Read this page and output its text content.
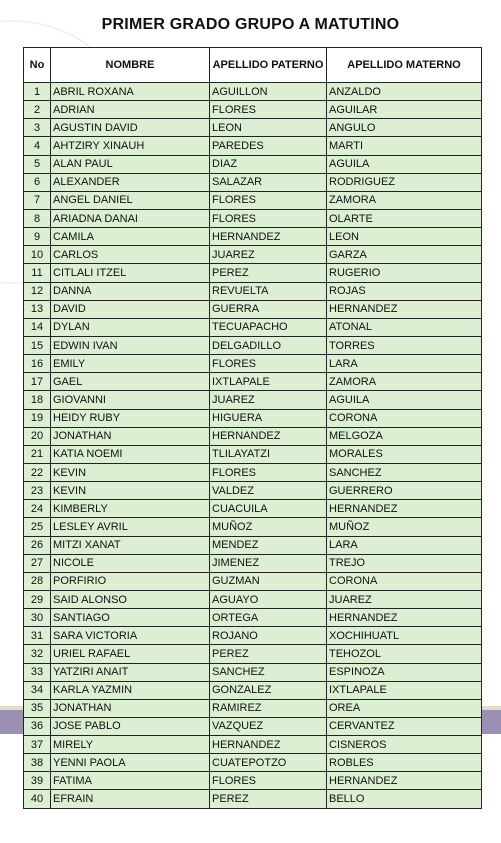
PRIMER GRADO GRUPO A MATUTINO
No	NOMBRE	APELLIDO PATERNO	APELLIDO MATERNO
1	ABRIL ROXANA	AGUILLON	ANZALDO
2	ADRIAN	FLORES	AGUILAR
3	AGUSTIN DAVID	LEON	ANGULO
4	AHTZIRY XINAUH	PAREDES	MARTI
5	ALAN PAUL	DIAZ	AGUILA
6	ALEXANDER	SALAZAR	RODRIGUEZ
7	ANGEL DANIEL	FLORES	ZAMORA
8	ARIADNA DANAI	FLORES	OLARTE
9	CAMILA	HERNANDEZ	LEON
10	CARLOS	JUAREZ	GARZA
11	CITLALI ITZEL	PEREZ	RUGERIO
12	DANNA	REVUELTA	ROJAS
13	DAVID	GUERRA	HERNANDEZ
14	DYLAN	TECUAPACHO	ATONAL
15	EDWIN IVAN	DELGADILLO	TORRES
16	EMILY	FLORES	LARA
17	GAEL	IXTLAPALE	ZAMORA
18	GIOVANNI	JUAREZ	AGUILA
19	HEIDY RUBY	HIGUERA	CORONA
20	JONATHAN	HERNANDEZ	MELGOZA
21	KATIA NOEMI	TLILAYATZI	MORALES
22	KEVIN	FLORES	SANCHEZ
23	KEVIN	VALDEZ	GUERRERO
24	KIMBERLY	CUACUILA	HERNANDEZ
25	LESLEY AVRIL	MUÑOZ	MUÑOZ
26	MITZI XANAT	MENDEZ	LARA
27	NICOLE	JIMENEZ	TREJO
28	PORFIRIO	GUZMAN	CORONA
29	SAID ALONSO	AGUAYO	JUAREZ
30	SANTIAGO	ORTEGA	HERNANDEZ
31	SARA VICTORIA	ROJANO	XOCHIHUATL
32	URIEL RAFAEL	PEREZ	TEHOZOL
33	YATZIRI ANAIT	SANCHEZ	ESPINOZA
34	KARLA YAZMIN	GONZALEZ	IXTLAPALE
35	JONATHAN	RAMIREZ	OREA
36	JOSE PABLO	VAZQUEZ	CERVANTEZ
37	MIRELY	HERNANDEZ	CISNEROS
38	YENNI PAOLA	CUATEPOTZO	ROBLES
39	FATIMA	FLORES	HERNANDEZ
40	EFRAIN	PEREZ	BELLO
